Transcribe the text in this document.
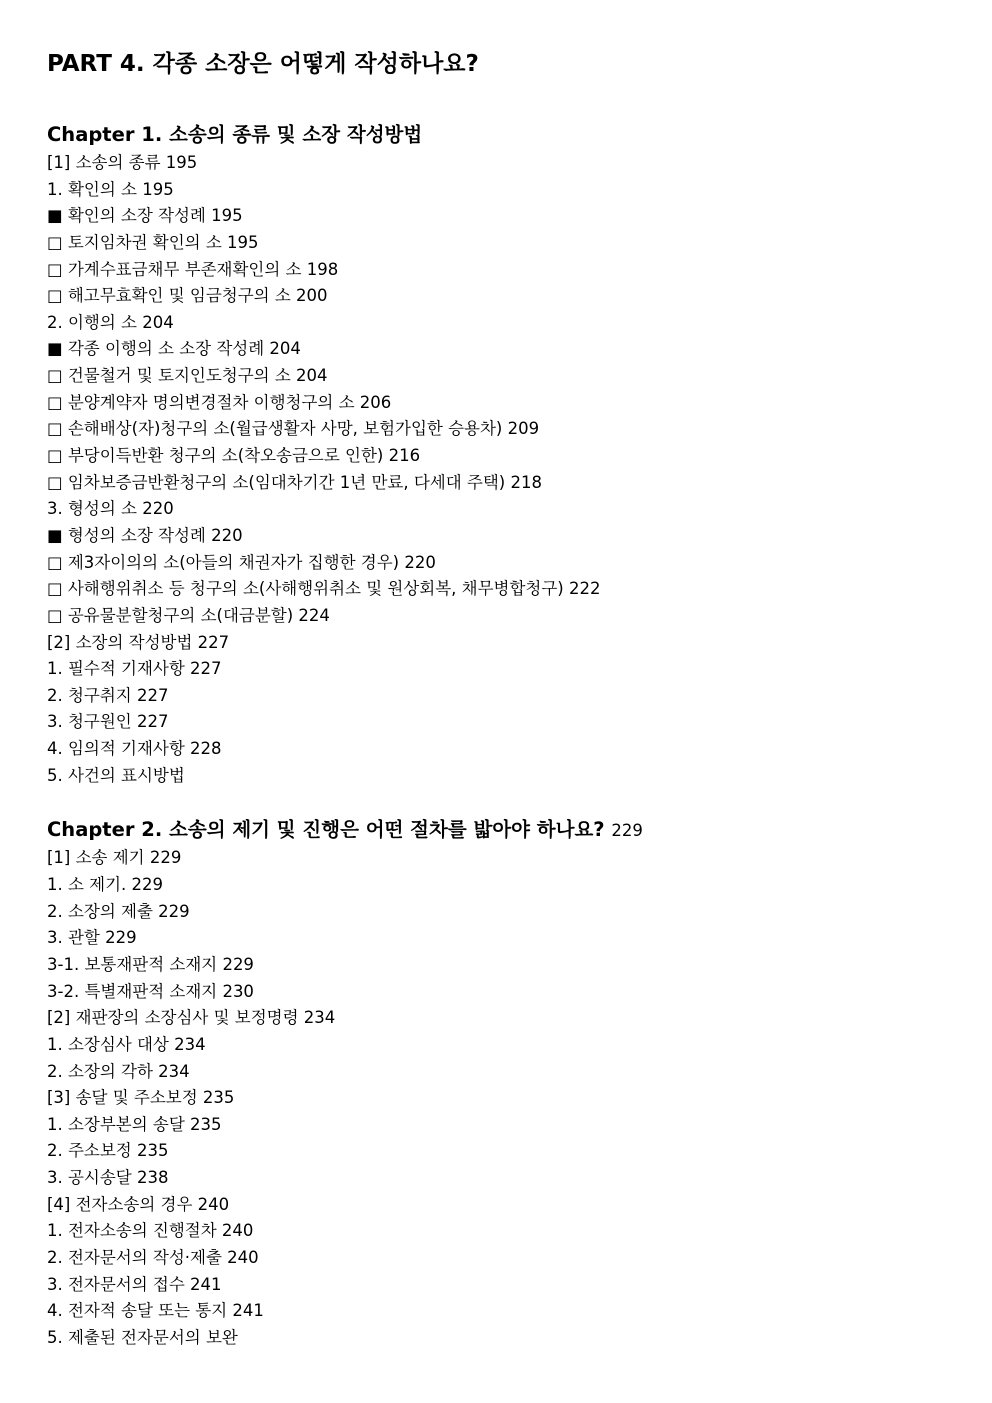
PART 4. 각종 소장은 어떻게 작성하나요?
Chapter 1. 소송의 종류 및 소장 작성방법
[1] 소송의 종류 195
1. 확인의 소 195
■ 확인의 소장 작성례 195
□ 토지임차권 확인의 소 195
□ 가계수표금채무 부존재확인의 소 198
□ 해고무효확인 및 임금청구의 소 200
2. 이행의 소 204
■ 각종 이행의 소 소장 작성례 204
□ 건물철거 및 토지인도청구의 소 204
□ 분양계약자 명의변경절차 이행청구의 소 206
□ 손해배상(자)청구의 소(월급생활자 사망, 보험가입한 승용차) 209
□ 부당이득반환 청구의 소(착오송금으로 인한) 216
□ 임차보증금반환청구의 소(임대차기간 1년 만료, 다세대 주택) 218
3. 형성의 소 220
■ 형성의 소장 작성례 220
□ 제3자이의의 소(아들의 채권자가 집행한 경우) 220
□ 사해행위취소 등 청구의 소(사해행위취소 및 원상회복, 채무병합청구) 222
□ 공유물분할청구의 소(대금분할) 224
[2] 소장의 작성방법 227
1. 필수적 기재사항 227
2. 청구취지 227
3. 청구원인 227
4. 임의적 기재사항 228
5. 사건의 표시방법
Chapter 2. 소송의 제기 및 진행은 어떤 절차를 밟아야 하나요? 229
[1] 소송 제기 229
1. 소 제기. 229
2. 소장의 제출 229
3. 관할 229
3-1. 보통재판적 소재지 229
3-2. 특별재판적 소재지 230
[2] 재판장의 소장심사 및 보정명령 234
1. 소장심사 대상 234
2. 소장의 각하 234
[3] 송달 및 주소보정 235
1. 소장부본의 송달 235
2. 주소보정 235
3. 공시송달 238
[4] 전자소송의 경우 240
1. 전자소송의 진행절차 240
2. 전자문서의 작성·제출 240
3. 전자문서의 접수 241
4. 전자적 송달 또는 통지 241
5. 제출된 전자문서의 보완
